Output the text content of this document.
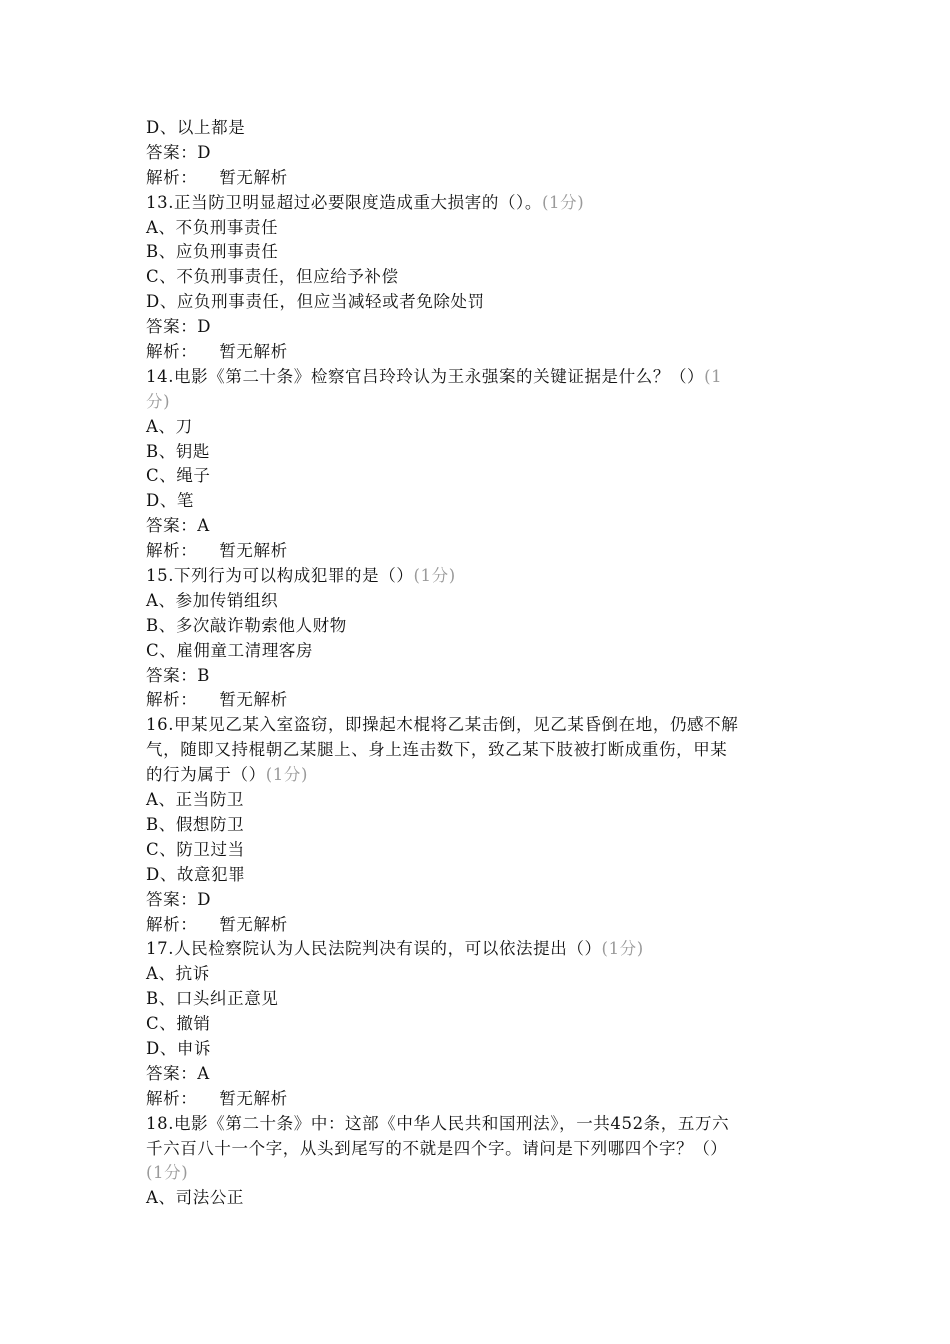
D、以上都是
答案：D
解析： 暂无解析
13.正当防卫明显超过必要限度造成重大损害的（）。(1分)
A、不负刑事责任
B、应负刑事责任
C、不负刑事责任，但应给予补偿
D、应负刑事责任，但应当减轻或者免除处罚
答案：D
解析： 暂无解析
14.电影《第二十条》检察官吕玲玲认为王永强案的关键证据是什么？（）(1
分)
A、刀
B、钥匙
C、绳子
D、笔
答案：A
解析： 暂无解析
15.下列行为可以构成犯罪的是（）(1分)
A、参加传销组织
B、多次敲诈勒索他人财物
C、雇佣童工清理客房
答案：B
解析： 暂无解析
16.甲某见乙某入室盗窃，即操起木棍将乙某击倒，见乙某昏倒在地，仍感不解
气，随即又持棍朝乙某腿上、身上连击数下，致乙某下肢被打断成重伤，甲某
的行为属于（）(1分)
A、正当防卫
B、假想防卫
C、防卫过当
D、故意犯罪
答案：D
解析： 暂无解析
17.人民检察院认为人民法院判决有误的，可以依法提出（）(1分)
A、抗诉
B、口头纠正意见
C、撤销
D、申诉
答案：A
解析： 暂无解析
18.电影《第二十条》中：这部《中华人民共和国刑法》，一共452条，五万六
千六百八十一个字，从头到尾写的不就是四个字。请问是下列哪四个字？（）
(1分)
A、司法公正
